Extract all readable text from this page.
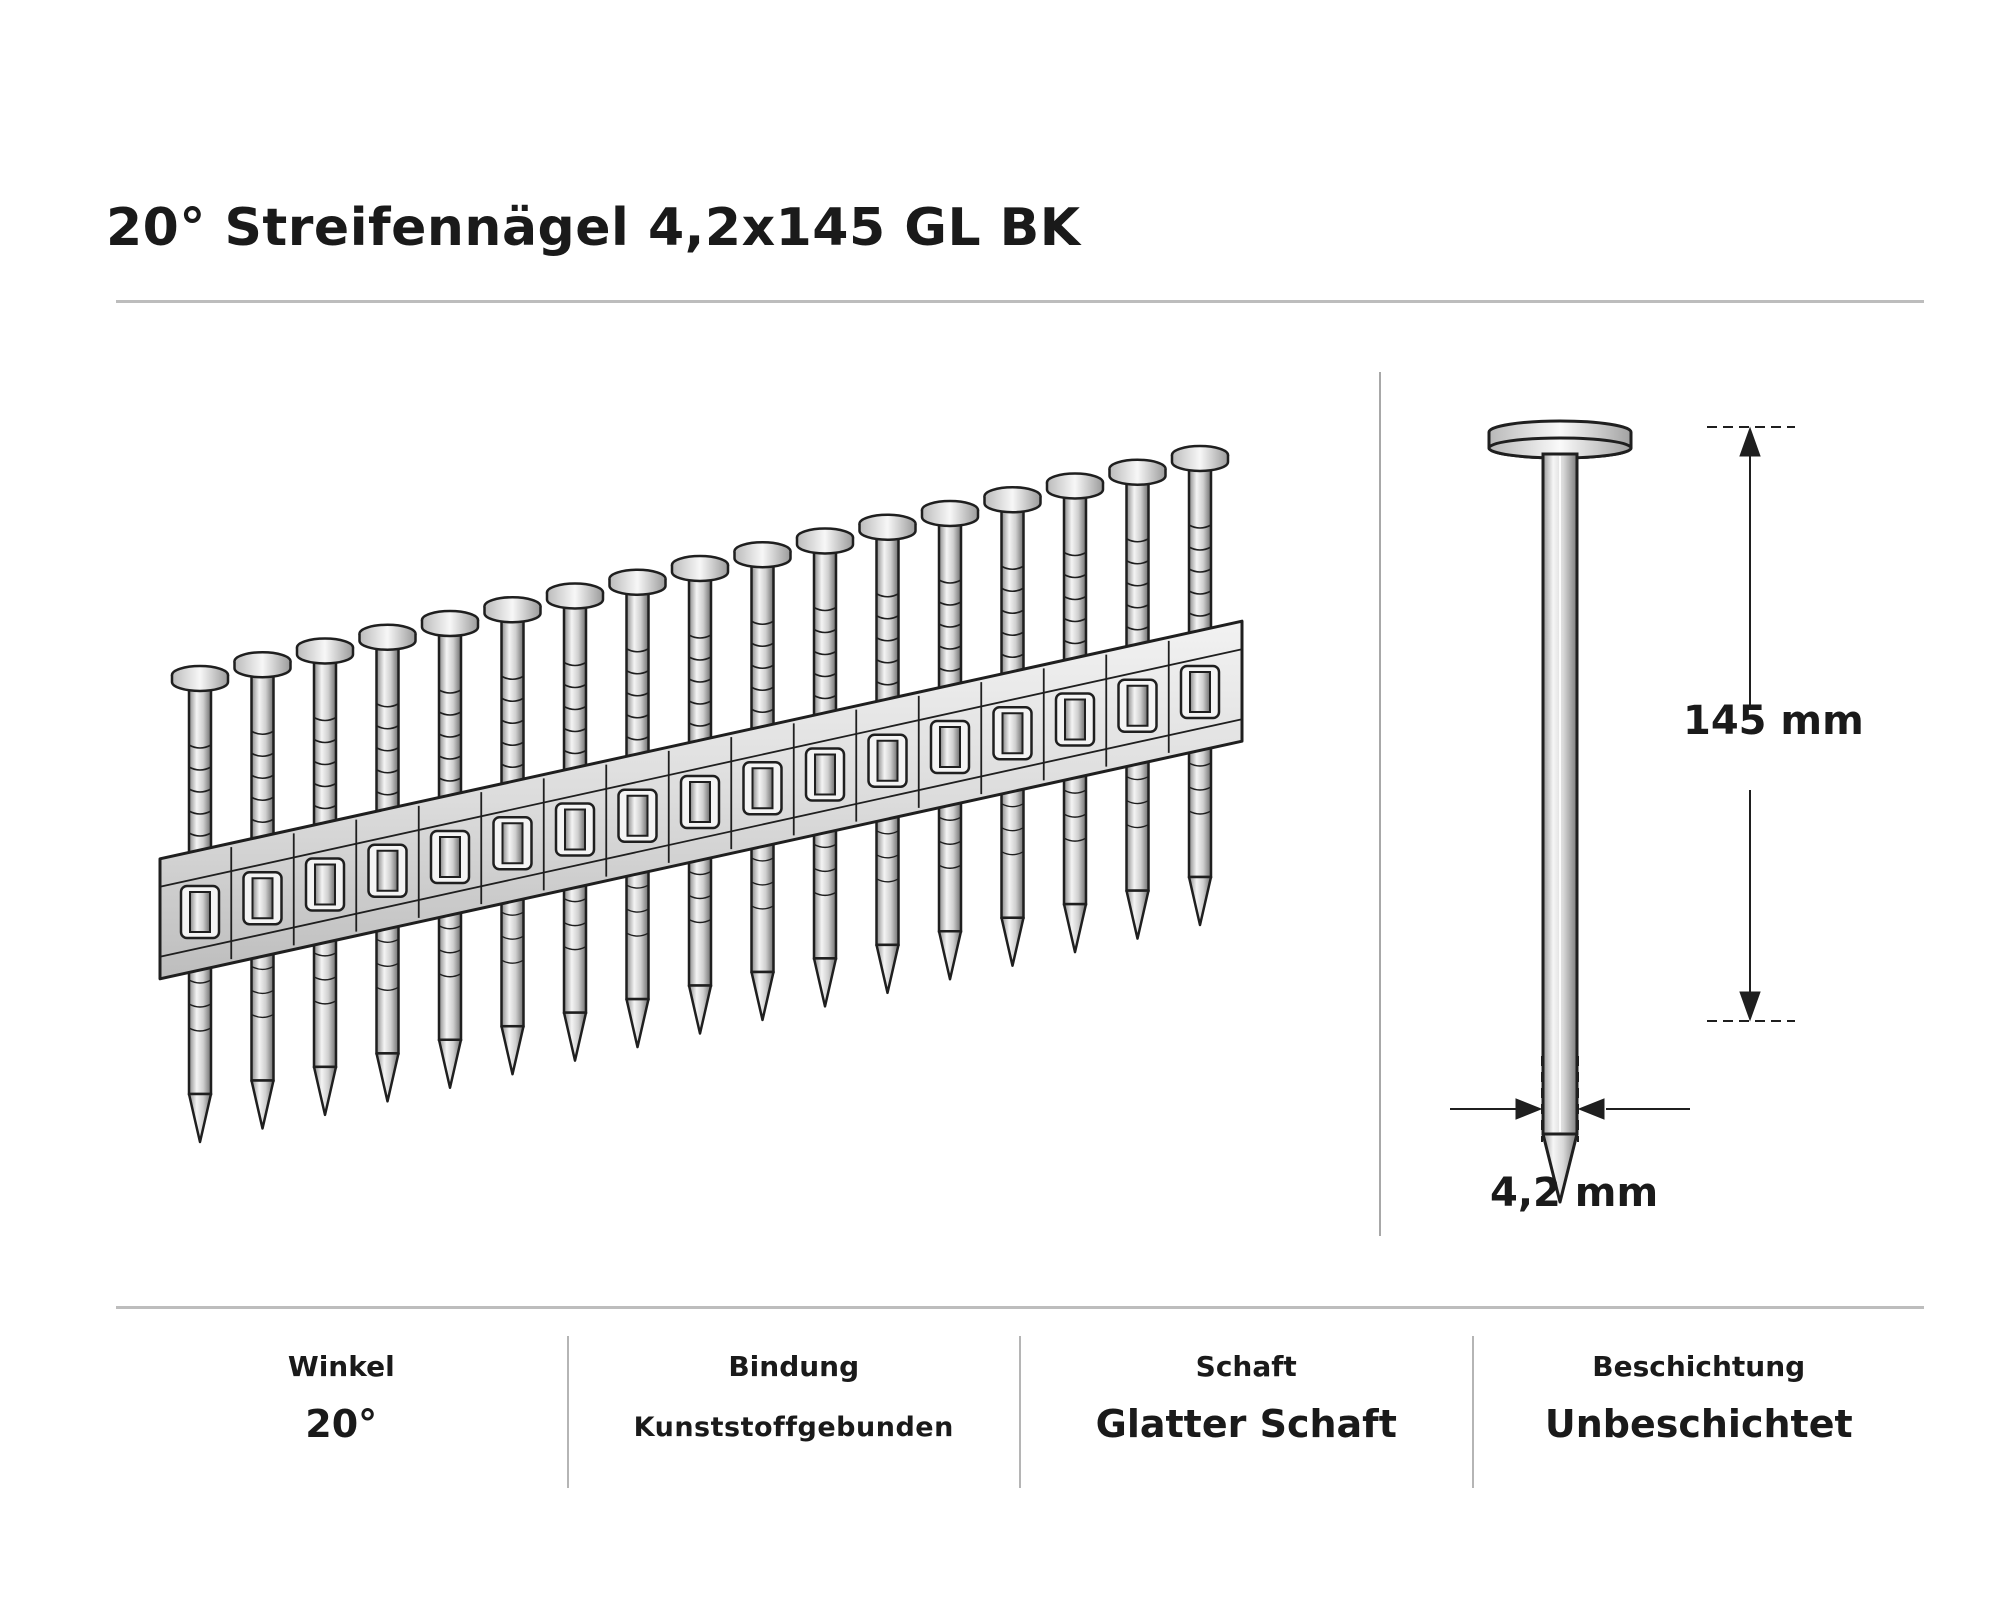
20° Streifennägel 4,2x145 GL BK
145 mm
4,2 mm
Winkel
20°
Bindung
Kunststoffgebunden
Schaft
Glatter Schaft
Beschichtung
Unbeschichtet
